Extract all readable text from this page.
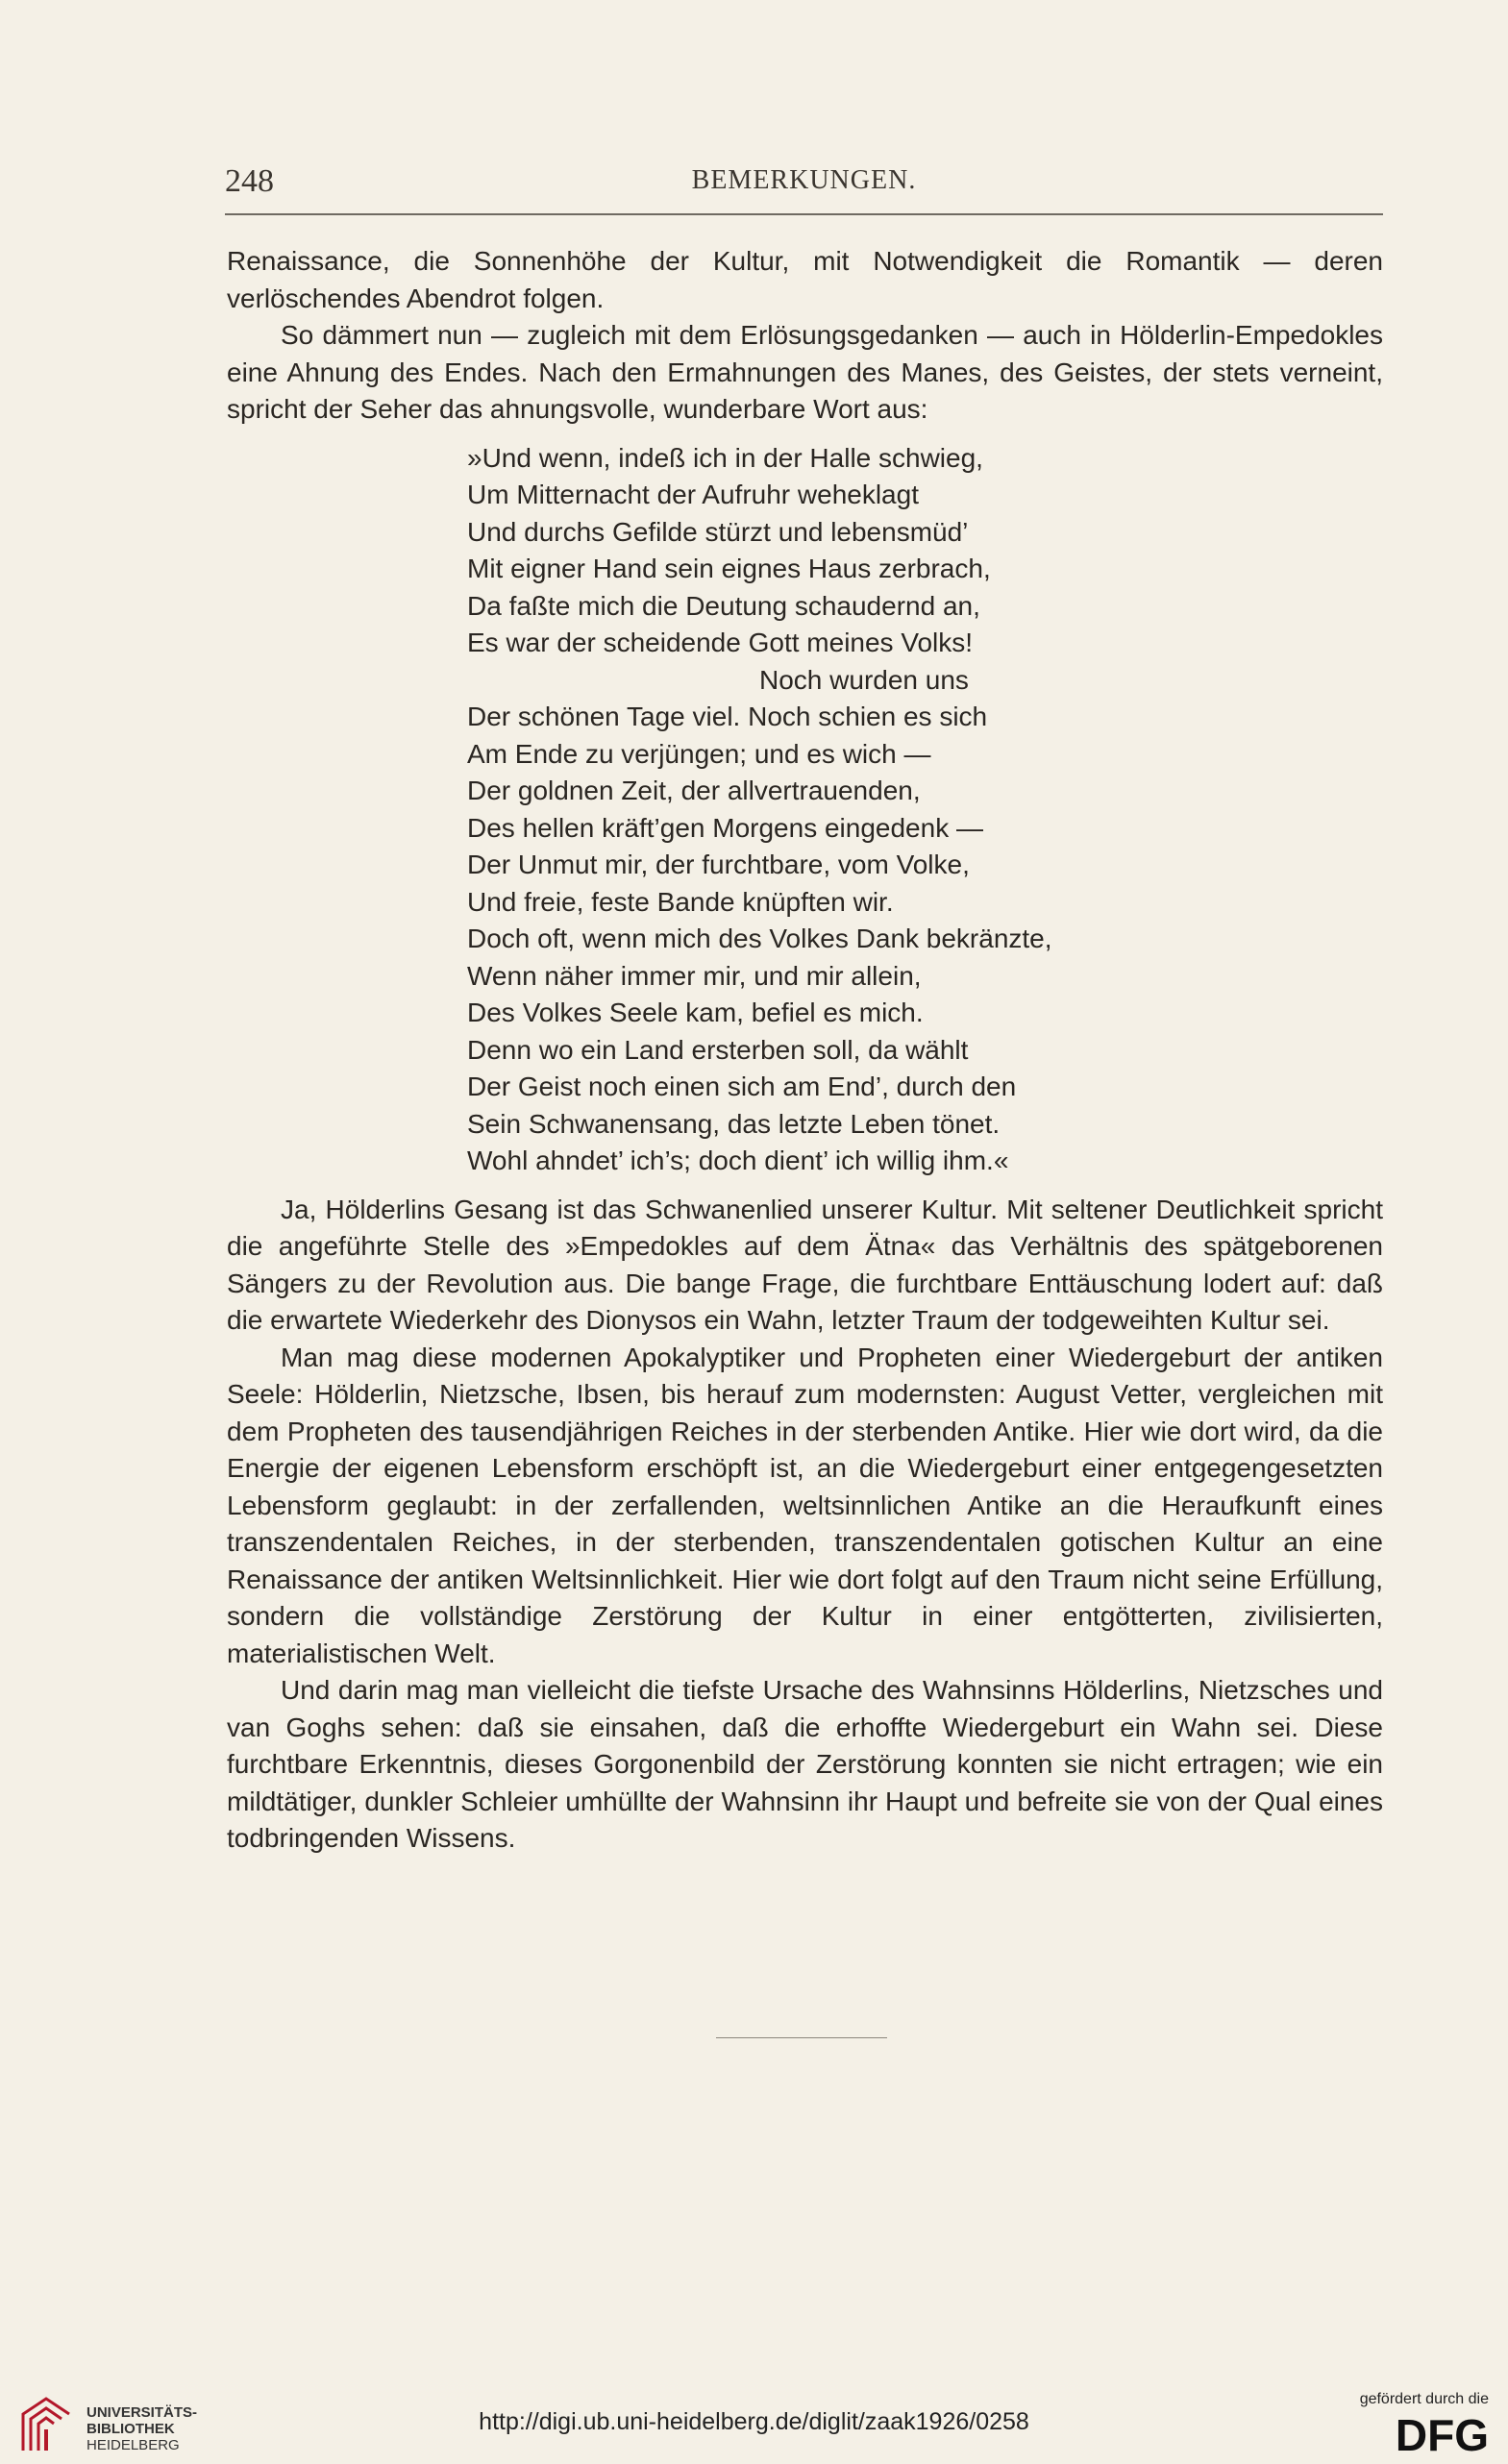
248	BEMERKUNGEN.

Renaissance, die Sonnenhöhe der Kultur, mit Notwendigkeit die Romantik — deren verlöschendes Abendrot folgen.

So dämmert nun — zugleich mit dem Erlösungsgedanken — auch in Hölderlin-Empedokles eine Ahnung des Endes. Nach den Ermahnungen des Manes, des Geistes, der stets verneint, spricht der Seher das ahnungsvolle, wunderbare Wort aus:

»Und wenn, indeß ich in der Halle schwieg,
Um Mitternacht der Aufruhr weheklagt
Und durchs Gefilde stürzt und lebensmüd’
Mit eigner Hand sein eignes Haus zerbrach,
Da faßte mich die Deutung schaudernd an,
Es war der scheidende Gott meines Volks!
Noch wurden uns
Der schönen Tage viel. Noch schien es sich
Am Ende zu verjüngen; und es wich —
Der goldnen Zeit, der allvertrauenden,
Des hellen kräft’gen Morgens eingedenk —
Der Unmut mir, der furchtbare, vom Volke,
Und freie, feste Bande knüpften wir.
Doch oft, wenn mich des Volkes Dank bekränzte,
Wenn näher immer mir, und mir allein,
Des Volkes Seele kam, befiel es mich.
Denn wo ein Land ersterben soll, da wählt
Der Geist noch einen sich am End’, durch den
Sein Schwanensang, das letzte Leben tönet.
Wohl ahndet’ ich’s; doch dient’ ich willig ihm.«

Ja, Hölderlins Gesang ist das Schwanenlied unserer Kultur. Mit seltener Deutlichkeit spricht die angeführte Stelle des »Empedokles auf dem Ätna« das Verhältnis des spätgeborenen Sängers zu der Revolution aus. Die bange Frage, die furchtbare Enttäuschung lodert auf: daß die erwartete Wiederkehr des Dionysos ein Wahn, letzter Traum der todgeweihten Kultur sei.

Man mag diese modernen Apokalyptiker und Propheten einer Wiedergeburt der antiken Seele: Hölderlin, Nietzsche, Ibsen, bis herauf zum modernsten: August Vetter, vergleichen mit dem Propheten des tausendjährigen Reiches in der sterbenden Antike. Hier wie dort wird, da die Energie der eigenen Lebensform erschöpft ist, an die Wiedergeburt einer entgegengesetzten Lebensform geglaubt: in der zerfallenden, weltsinnlichen Antike an die Heraufkunft eines transzendentalen Reiches, in der sterbenden, transzendentalen gotischen Kultur an eine Renaissance der antiken Weltsinnlichkeit. Hier wie dort folgt auf den Traum nicht seine Erfüllung, sondern die vollständige Zerstörung der Kultur in einer entgötterten, zivilisierten, materialistischen Welt.

Und darin mag man vielleicht die tiefste Ursache des Wahnsinns Hölderlins, Nietzsches und van Goghs sehen: daß sie einsahen, daß die erhoffte Wiedergeburt ein Wahn sei. Diese furchtbare Erkenntnis, dieses Gorgonenbild der Zerstörung konnten sie nicht ertragen; wie ein mildtätiger, dunkler Schleier umhüllte der Wahnsinn ihr Haupt und befreite sie von der Qual eines todbringenden Wissens.

UNIVERSITÄTS-
BIBLIOTHEK
HEIDELBERG
http://digi.ub.uni-heidelberg.de/diglit/zaak1926/0258
gefördert durch die
DFG
